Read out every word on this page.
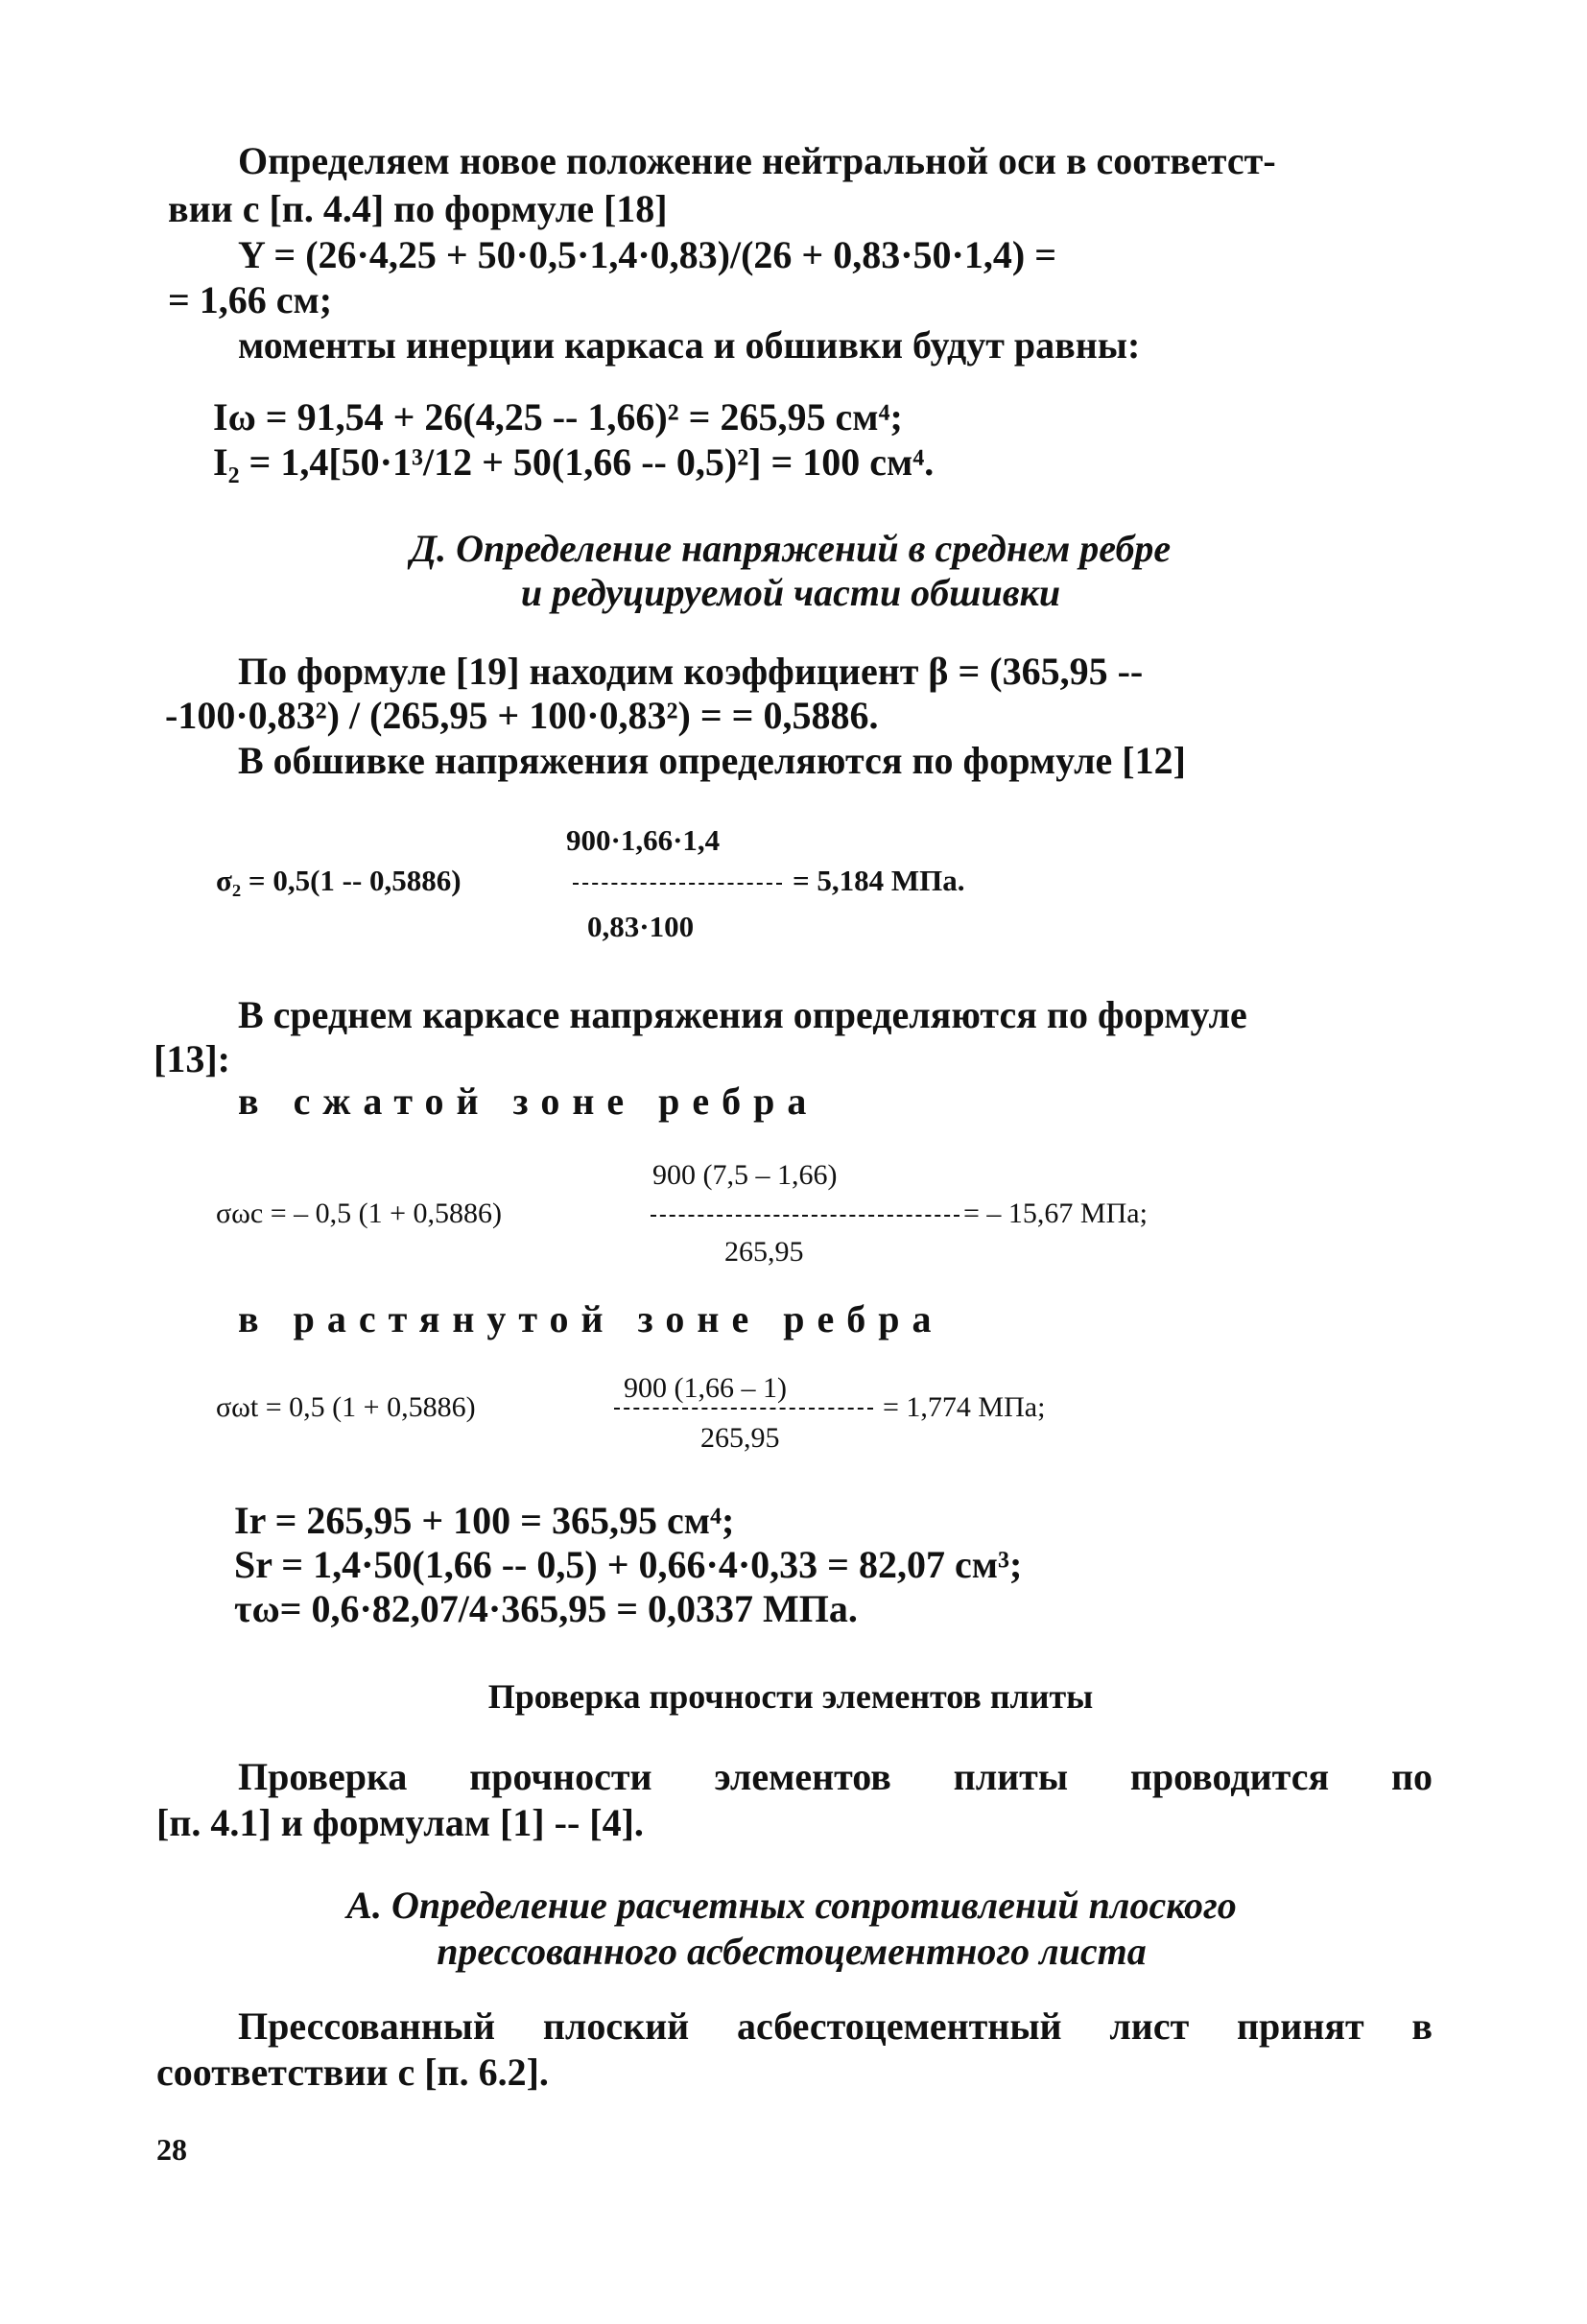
Определяем новое положение нейтральной оси в соответст-
вии с [п. 4.4] по формуле [18]
Y = (26·4,25 + 50·0,5·1,4·0,83)/(26 + 0,83·50·1,4) =
= 1,66 см;
моменты инерции каркаса и обшивки будут равны:
Iω = 91,54 + 26(4,25 -- 1,66)² = 265,95 см⁴;
I₂ = 1,4[50·1³/12 + 50(1,66 -- 0,5)²] = 100 см⁴.
Д. Определение напряжений в среднем ребре
и редуцируемой части обшивки
По формуле [19] находим коэффициент β = (365,95 --
-100·0,83²) / (265,95 + 100·0,83²) = = 0,5886.
В обшивке напряжения определяются по формуле [12]
900·1,66·1,4
σ₂ = 0,5(1 -- 0,5886)	= 5,184 МПа.
0,83·100
В среднем каркасе напряжения определяются по формуле
[13]:
в сжатой зоне ребра
900 (7,5 – 1,66)
σωc = – 0,5 (1 + 0,5886)	= – 15,67 МПа;
265,95
в растянутой зоне ребра
900 (1,66 – 1)
σωt = 0,5 (1 + 0,5886)	= 1,774 МПа;
265,95
Ir = 265,95 + 100 = 365,95 см⁴;
Sr = 1,4·50(1,66 -- 0,5) + 0,66·4·0,33 = 82,07 см³;
τω= 0,6·82,07/4·365,95 = 0,0337 МПа.
Проверка прочности элементов плиты
Проверка прочности элементов плиты проводится по
[п. 4.1] и формулам [1] -- [4].
А. Определение расчетных сопротивлений плоского
прессованного асбестоцементного листа
Прессованный плоский асбестоцементный лист принят в
соответствии с [п. 6.2].
28
